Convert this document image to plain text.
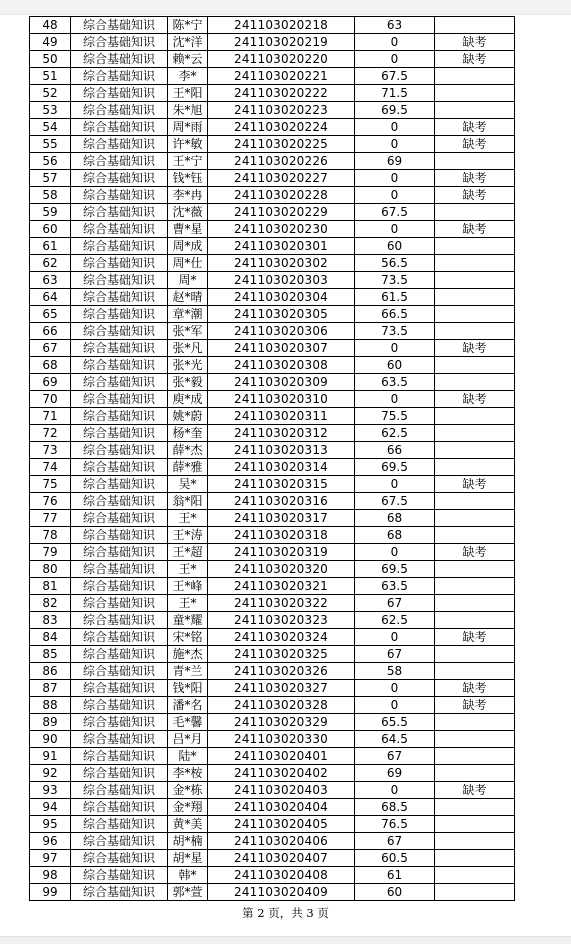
48	综合基础知识	陈*宁	241103020218	63	
49	综合基础知识	沈*洋	241103020219	0	缺考
50	综合基础知识	赖*云	241103020220	0	缺考
51	综合基础知识	李*	241103020221	67.5	
52	综合基础知识	王*阳	241103020222	71.5	
53	综合基础知识	朱*旭	241103020223	69.5	
54	综合基础知识	周*雨	241103020224	0	缺考
55	综合基础知识	许*敏	241103020225	0	缺考
56	综合基础知识	王*宁	241103020226	69	
57	综合基础知识	钱*钰	241103020227	0	缺考
58	综合基础知识	李*冉	241103020228	0	缺考
59	综合基础知识	沈*薇	241103020229	67.5	
60	综合基础知识	曹*星	241103020230	0	缺考
61	综合基础知识	周*成	241103020301	60	
62	综合基础知识	周*仕	241103020302	56.5	
63	综合基础知识	周*	241103020303	73.5	
64	综合基础知识	赵*晴	241103020304	61.5	
65	综合基础知识	章*潮	241103020305	66.5	
66	综合基础知识	张*军	241103020306	73.5	
67	综合基础知识	张*凡	241103020307	0	缺考
68	综合基础知识	张*光	241103020308	60	
69	综合基础知识	张*毅	241103020309	63.5	
70	综合基础知识	庾*成	241103020310	0	缺考
71	综合基础知识	姚*蔚	241103020311	75.5	
72	综合基础知识	杨*奎	241103020312	62.5	
73	综合基础知识	薛*杰	241103020313	66	
74	综合基础知识	薛*雅	241103020314	69.5	
75	综合基础知识	吴*	241103020315	0	缺考
76	综合基础知识	翁*阳	241103020316	67.5	
77	综合基础知识	王*	241103020317	68	
78	综合基础知识	王*涛	241103020318	68	
79	综合基础知识	王*超	241103020319	0	缺考
80	综合基础知识	王*	241103020320	69.5	
81	综合基础知识	王*峰	241103020321	63.5	
82	综合基础知识	王*	241103020322	67	
83	综合基础知识	童*耀	241103020323	62.5	
84	综合基础知识	宋*铭	241103020324	0	缺考
85	综合基础知识	施*杰	241103020325	67	
86	综合基础知识	青*兰	241103020326	58	
87	综合基础知识	钱*阳	241103020327	0	缺考
88	综合基础知识	潘*名	241103020328	0	缺考
89	综合基础知识	毛*馨	241103020329	65.5	
90	综合基础知识	吕*月	241103020330	64.5	
91	综合基础知识	陆*	241103020401	67	
92	综合基础知识	李*桉	241103020402	69	
93	综合基础知识	金*栋	241103020403	0	缺考
94	综合基础知识	金*翔	241103020404	68.5	
95	综合基础知识	黄*美	241103020405	76.5	
96	综合基础知识	胡*楠	241103020406	67	
97	综合基础知识	胡*星	241103020407	60.5	
98	综合基础知识	韩*	241103020408	61	
99	综合基础知识	郭*萱	241103020409	60	
第 2 页，共 3 页
